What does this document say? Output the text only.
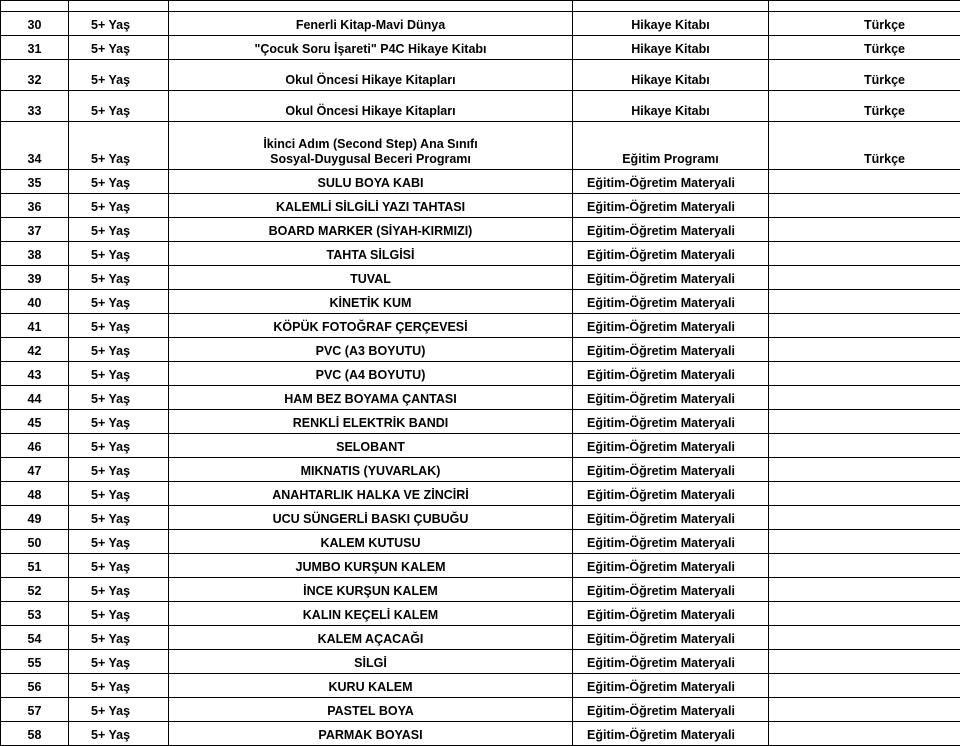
30	5+ Yaş	Fenerli Kitap-Mavi Dünya	Hikaye Kitabı	Türkçe
31	5+ Yaş	"Çocuk Soru İşareti" P4C Hikaye Kitabı	Hikaye Kitabı	Türkçe
32	5+ Yaş	Okul Öncesi Hikaye Kitapları	Hikaye Kitabı	Türkçe
33	5+ Yaş	Okul Öncesi Hikaye Kitapları	Hikaye Kitabı	Türkçe
34	5+ Yaş	İkinci Adım (Second Step) Ana Sınıfı
Sosyal-Duygusal Beceri Programı	Eğitim Programı	Türkçe
35	5+ Yaş	SULU BOYA KABI	Eğitim-Öğretim Materyali	
36	5+ Yaş	KALEMLİ SİLGİLİ YAZI TAHTASI	Eğitim-Öğretim Materyali	
37	5+ Yaş	BOARD MARKER (SİYAH-KIRMIZI)	Eğitim-Öğretim Materyali	
38	5+ Yaş	TAHTA SİLGİSİ	Eğitim-Öğretim Materyali	
39	5+ Yaş	TUVAL	Eğitim-Öğretim Materyali	
40	5+ Yaş	KİNETİK KUM	Eğitim-Öğretim Materyali	
41	5+ Yaş	KÖPÜK FOTOĞRAF ÇERÇEVESİ	Eğitim-Öğretim Materyali	
42	5+ Yaş	PVC (A3 BOYUTU)	Eğitim-Öğretim Materyali	
43	5+ Yaş	PVC (A4 BOYUTU)	Eğitim-Öğretim Materyali	
44	5+ Yaş	HAM BEZ BOYAMA ÇANTASI	Eğitim-Öğretim Materyali	
45	5+ Yaş	RENKLİ ELEKTRİK BANDI	Eğitim-Öğretim Materyali	
46	5+ Yaş	SELOBANT	Eğitim-Öğretim Materyali	
47	5+ Yaş	MIKNATIS (YUVARLAK)	Eğitim-Öğretim Materyali	
48	5+ Yaş	ANAHTARLIK HALKA VE ZİNCİRİ	Eğitim-Öğretim Materyali	
49	5+ Yaş	UCU SÜNGERLİ BASKI ÇUBUĞU	Eğitim-Öğretim Materyali	
50	5+ Yaş	KALEM KUTUSU	Eğitim-Öğretim Materyali	
51	5+ Yaş	JUMBO KURŞUN KALEM	Eğitim-Öğretim Materyali	
52	5+ Yaş	İNCE KURŞUN KALEM	Eğitim-Öğretim Materyali	
53	5+ Yaş	KALIN KEÇELİ KALEM	Eğitim-Öğretim Materyali	
54	5+ Yaş	KALEM AÇACAĞI	Eğitim-Öğretim Materyali	
55	5+ Yaş	SİLGİ	Eğitim-Öğretim Materyali	
56	5+ Yaş	KURU KALEM	Eğitim-Öğretim Materyali	
57	5+ Yaş	PASTEL BOYA	Eğitim-Öğretim Materyali	
58	5+ Yaş	PARMAK BOYASI	Eğitim-Öğretim Materyali	
